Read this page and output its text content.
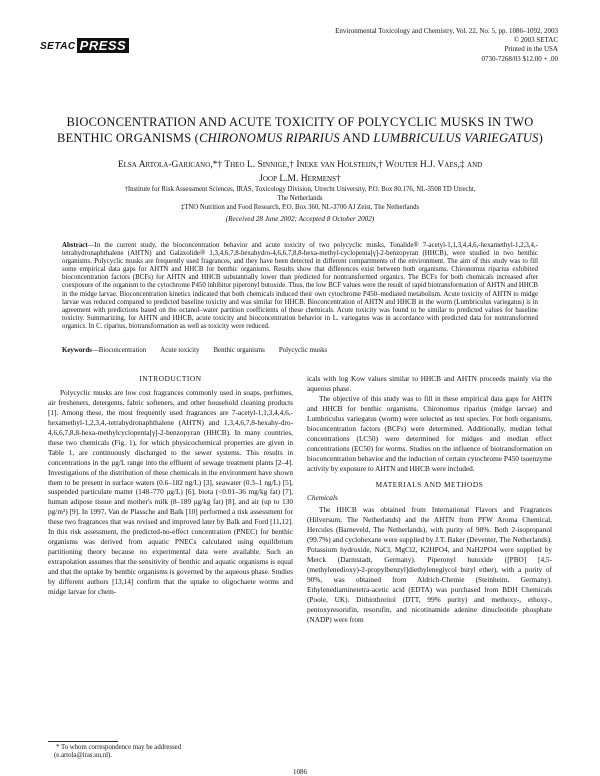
SETAC PRESS
Environmental Toxicology and Chemistry, Vol. 22, No. 5, pp. 1086–1092, 2003
© 2003 SETAC
Printed in the USA
0730-7268/03 $12.00 + .00
BIOCONCENTRATION AND ACUTE TOXICITY OF POLYCYCLIC MUSKS IN TWO
BENTHIC ORGANISMS (CHIRONOMUS RIPARIUS AND LUMBRICULUS VARIEGATUS)
Elsa Artola-Garicano,*† Theo L. Sinnige,† Ineke van Holsteijn,† Wouter H.J. Vaes,‡ and
Joop L.M. Hermens†
†Institute for Risk Assessment Sciences, IRAS, Toxicology Division, Utrecht University, P.O. Box 80.176, NL-3508 TD Utrecht,
The Netherlands
‡TNO Nutrition and Food Research, P.O. Box 360, NL-3700 AJ Zeist, The Netherlands
(Received 28 June 2002; Accepted 8 October 2002)
Abstract—In the current study, the bioconcentration behavior and acute toxicity of two polycyclic musks, Tonalide® 7-acetyl-1,1,3,4,4,6,-hexamethyl-1,2,3,4,-tetrahydronaphthalene (AHTN) and Galaxolide® 1,3,4,6,7,8-hexahydro-4,6,6,7,8,8-hexa-methyl-cyclopenta[γ]-2-benzopyran (HHCB), were studied in two benthic organisms. Polycyclic musks are frequently used fragrances, and they have been detected in different compartments of the environment. The aim of this study was to fill some empirical data gaps for AHTN and HHCB for benthic organisms. Results show that differences exist between both organisms. Chironomus riparius exhibited bioconcentration factors (BCFs) for AHTN and HHCB substantially lower than predicted for nontransformed organics. The BCFs for both chemicals increased after coexposure of the organism to the cytochrome P450 inhibitor piperonyl butoxide. Thus, the low BCF values were the result of rapid biotransformation of AHTN and HHCB in the midge larvae. Bioconcentration kinetics indicated that both chemicals induced their own cytochrome P450–mediated metabolism. Acute toxicity of AHTN to midge larvae was reduced compared to predicted baseline toxicity and was similar for HHCB. Bioconcentration of AHTN and HHCB in the worm (Lumbriculus variegatus) is in agreement with predictions based on the octanol–water partition coefficients of these chemicals. Acute toxicity was found to be similar to predicted values for baseline toxicity. Summarizing, for AHTN and HHCB, acute toxicity and bioconcentration behavior in L. variegatus was in accordance with predicted data for nontransformed organics. In C. riparius, biotransformation as well as toxicity were reduced.
Keywords—Bioconcentration Acute toxicity Benthic organisms Polycyclic musks
INTRODUCTION

Polycyclic musks are low cost fragrances commonly used in soaps, perfumes, air fresheners, detergents, fabric softeners, and other household cleaning products [1]. Among these, the most frequently used fragrances are 7-acetyl-1,1,3,4,4,6,-hexamethyl-1,2,3,4,-tetrahydronaphthalene (AHTN) and 1,3,4,6,7,8-hexahy-dro-4,6,6,7,8,8-hexa-methylcyclopenta[γ]-2-benzopyran (HHCB). In many countries, these two chemicals (Fig. 1), for which physicochemical properties are given in Table 1, are continuously discharged to the sewer systems. This results in concentrations in the μg/L range into the effluent of sewage treatment plants [2–4]. Investigations of the distribution of these chemicals in the environment have shown them to be present in surface waters (0.6–182 ng/L) [3], seawater (0.3–1 ng/L) [5], suspended particulate matter (148–770 μg/L) [6], biota (<0.01–36 mg/kg fat) [7], human adipose tissue and mother's milk (8–189 μg/kg fat) [8], and air (up to 130 pg/m³) [9]. In 1997, Van de Plassche and Balk [10] performed a risk assessment for these two fragrances that was revised and improved later by Balk and Ford [11,12]. In this risk assessment, the predicted-no-effect concentration (PNEC) for benthic organisms was derived from aquatic PNECs calculated using equilibrium partitioning theory because no experimental data were available. Such an extrapolation assumes that the sensitivity of benthic and aquatic organisms is equal and that the uptake by benthic organisms is governed by the aqueous phase. Studies by different authors [13,14] confirm that the uptake to oligochaete worms and midge larvae for chem-

icals with log Kow values similar to HHCB and AHTN proceeds mainly via the aqueous phase.

The objective of this study was to fill in these empirical data gaps for AHTN and HHCB for benthic organisms. Chironomus riparius (midge larvae) and Lumbriculus variegatus (worm) were selected as test species. For both organisms, bioconcentration factors (BCFs) were determined. Additionally, median lethal concentrations (LC50) were determined for midges and median effect concentrations (EC50) for worms. Studies on the influence of biotransformation on bioconcentration behavior and the induction of certain cytochrome P450 isoenzyme activity by exposure to AHTN and HHCB were included.

MATERIALS AND METHODS
Chemicals

The HHCB was obtained from International Flavors and Fragrances (Hilversum, The Netherlands) and the AHTN from PFW Aroma Chemical, Hercules (Barneveld, The Netherlands), with purity of 98%. Both 2-isopropanol (99.7%) and cyclohexane were supplied by J.T. Baker (Deventer, The Netherlands). Potassium hydroxide, NaCl, MgCl2, K2HPO4, and NaH2PO4 were supplied by Merck (Darmstadt, Germany). Piperonyl butoxide ([PBO] [4,5-(methylenedioxy)-2-propylbenzyl]diethyleneglycol butyl ether), with a purity of 90%, was obtained from Aldrich-Chemie (Steinheim, Germany). Ethylenediaminetetra-acetic acid (EDTA) was purchased from BDH Chemicals (Poole, UK). Dithiothreitol (DTT, 99% purity) and methoxy-, ethoxy-, pentoxyresorufin, resorufin, and nicotinamide adenine dinucleotide phosphate (NADP) were from

* To whom correspondence may be addressed
(e.artola@iras.uu.nl).
1086
